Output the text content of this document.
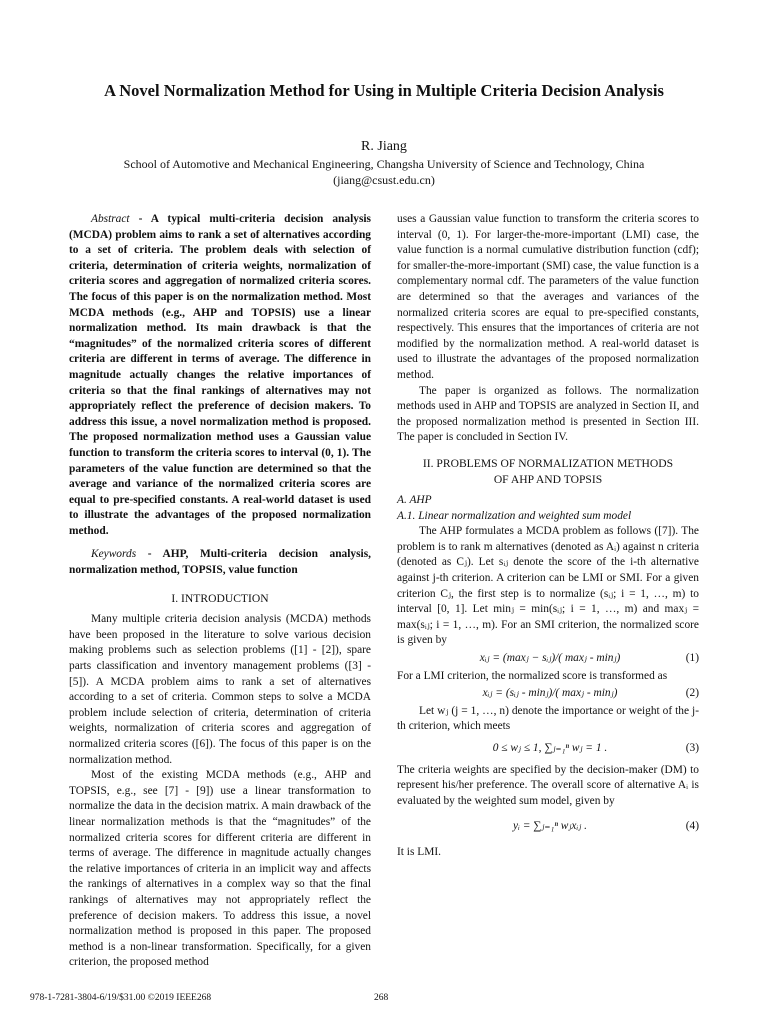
A Novel Normalization Method for Using in Multiple Criteria Decision Analysis
R. Jiang
School of Automotive and Mechanical Engineering, Changsha University of Science and Technology, China
(jiang@csust.edu.cn)

Abstract - A typical multi-criteria decision analysis (MCDA) problem aims to rank a set of alternatives according to a set of criteria. The problem deals with selection of criteria, determination of criteria weights, normalization of criteria scores and aggregation of normalized criteria scores. The focus of this paper is on the normalization method. Most MCDA methods (e.g., AHP and TOPSIS) use a linear normalization method. Its main drawback is that the “magnitudes” of the normalized criteria scores of different criteria are different in terms of average. The difference in magnitude actually changes the relative importances of criteria so that the final rankings of alternatives may not appropriately reflect the preference of decision makers. To address this issue, a novel normalization method is proposed. The proposed normalization method uses a Gaussian value function to transform the criteria scores to interval (0, 1). The parameters of the value function are determined so that the average and variance of the normalized criteria scores are equal to pre-specified constants. A real-world dataset is used to illustrate the advantages of the proposed normalization method.

Keywords - AHP, Multi-criteria decision analysis, normalization method, TOPSIS, value function

I. INTRODUCTION

Many multiple criteria decision analysis (MCDA) methods have been proposed in the literature to solve various decision making problems such as selection problems ([1] - [2]), spare parts classification and inventory management problems ([3] - [5]). A MCDA problem aims to rank a set of alternatives according to a set of criteria. Common steps to solve a MCDA problem include selection of criteria, determination of criteria weights, normalization of criteria scores and aggregation of normalized criteria scores ([6]). The focus of this paper is on the normalization method.

Most of the existing MCDA methods (e.g., AHP and TOPSIS, e.g., see [7] - [9]) use a linear transformation to normalize the data in the decision matrix. A main drawback of the linear normalization methods is that the “magnitudes” of the normalized criteria scores for different criteria are different in terms of average. The difference in magnitude actually changes the relative importances of criteria in an implicit way and affects the rankings of alternatives in a complex way so that the final rankings of alternatives may not appropriately reflect the preference of decision makers. To address this issue, a novel normalization method is proposed in this paper. The proposed method is a non-linear transformation. Specifically, for a given criterion, the proposed method

uses a Gaussian value function to transform the criteria scores to interval (0, 1). For larger-the-more-important (LMI) case, the value function is a normal cumulative distribution function (cdf); for smaller-the-more-important (SMI) case, the value function is a complementary normal cdf. The parameters of the value function are determined so that the averages and variances of the normalized criteria scores are equal to pre-specified constants, respectively. This ensures that the importances of criteria are not modified by the normalization method. A real-world dataset is used to illustrate the advantages of the proposed normalization method.

The paper is organized as follows. The normalization methods used in AHP and TOPSIS are analyzed in Section II, and the proposed normalization method is presented in Section III. The paper is concluded in Section IV.

II. PROBLEMS OF NORMALIZATION METHODS
OF AHP AND TOPSIS

A. AHP

A.1. Linear normalization and weighted sum model

The AHP formulates a MCDA problem as follows ([7]). The problem is to rank m alternatives (denoted as Aᵢ) against n criteria (denoted as Cⱼ). Let sᵢⱼ denote the score of the i-th alternative against j-th criterion. A criterion can be LMI or SMI. For a given criterion Cⱼ, the first step is to normalize (sᵢⱼ; i = 1, …, m) to interval [0, 1]. Let minⱼ = min(sᵢⱼ; i = 1, …, m) and maxⱼ = max(sᵢⱼ; i = 1, …, m). For an SMI criterion, the normalized score is given by

xᵢⱼ = (maxⱼ − sᵢⱼ)/( maxⱼ - minⱼ)	(1)

For a LMI criterion, the normalized score is transformed as

xᵢⱼ = (sᵢⱼ - minⱼ)/( maxⱼ - minⱼ)	(2)

Let wⱼ (j = 1, …, n) denote the importance or weight of the j-th criterion, which meets

0 ≤ wⱼ ≤ 1, ∑ⱼ₌₁ⁿ wⱼ = 1 .	(3)

The criteria weights are specified by the decision-maker (DM) to represent his/her preference. The overall score of alternative Aᵢ is evaluated by the weighted sum model, given by

yᵢ = ∑ⱼ₌₁ⁿ wⱼxᵢⱼ .	(4)

It is LMI.

978-1-7281-3804-6/19/$31.00 ©2019 IEEE268	268
